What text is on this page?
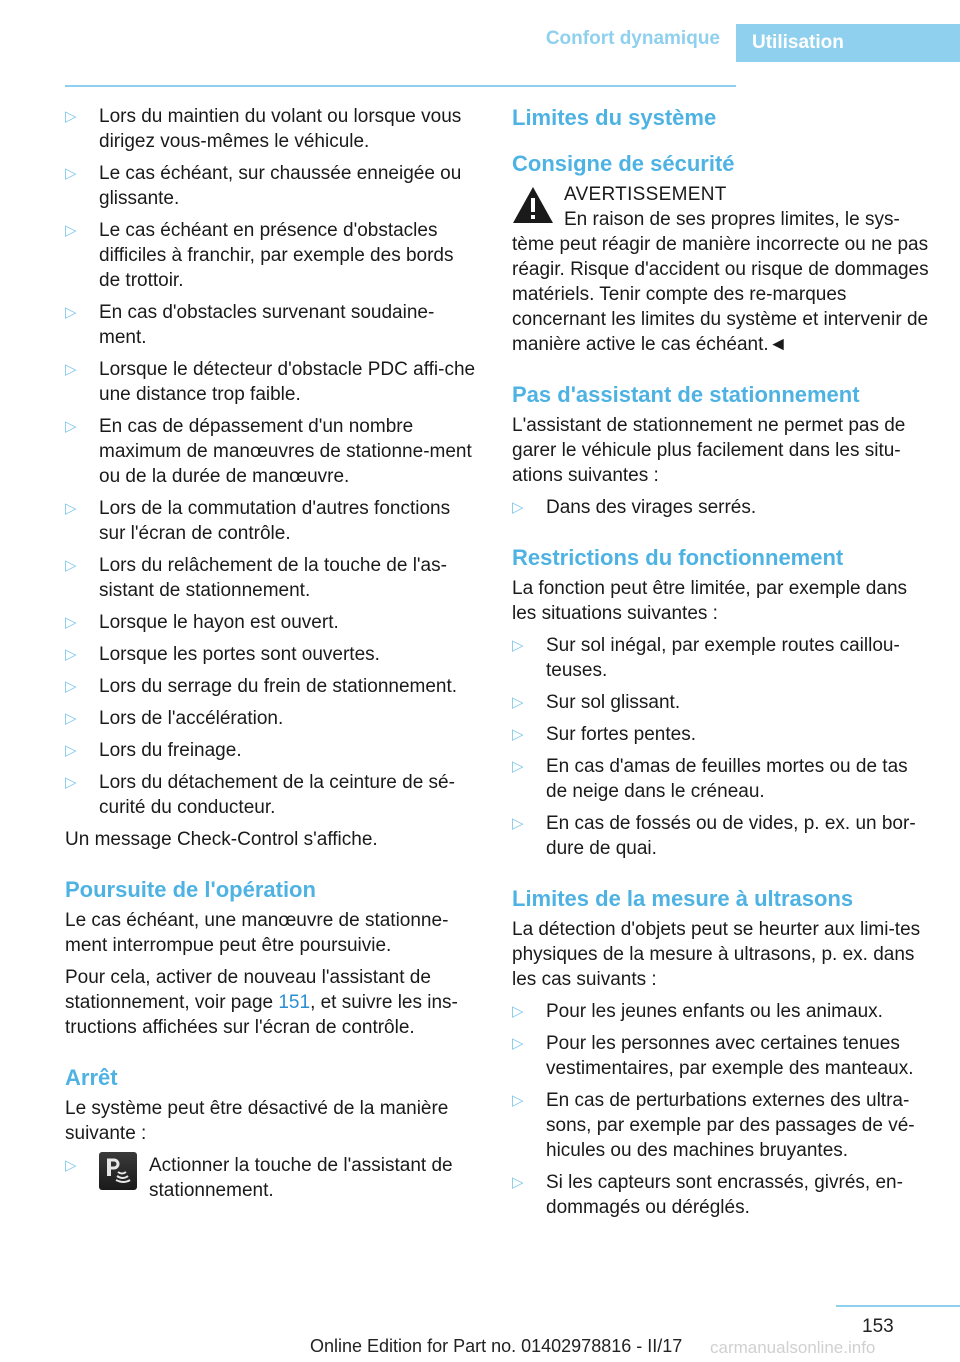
Confort dynamique	Utilisation
▷ Lors du maintien du volant ou lorsque vous dirigez vous-mêmes le véhicule.
▷ Le cas échéant, sur chaussée enneigée ou glissante.
▷ Le cas échéant en présence d'obstacles difficiles à franchir, par exemple des bords de trottoir.
▷ En cas d'obstacles survenant soudaine-ment.
▷ Lorsque le détecteur d'obstacle PDC affi-che une distance trop faible.
▷ En cas de dépassement d'un nombre maximum de manœuvres de stationne-ment ou de la durée de manœuvre.
▷ Lors de la commutation d'autres fonctions sur l'écran de contrôle.
▷ Lors du relâchement de la touche de l'as-sistant de stationnement.
▷ Lorsque le hayon est ouvert.
▷ Lorsque les portes sont ouvertes.
▷ Lors du serrage du frein de stationnement.
▷ Lors de l'accélération.
▷ Lors du freinage.
▷ Lors du détachement de la ceinture de sé-curité du conducteur.

Un message Check-Control s'affiche.

Poursuite de l'opération

Le cas échéant, une manœuvre de stationne-ment interrompue peut être poursuivie.

Pour cela, activer de nouveau l'assistant de stationnement, voir page 151, et suivre les ins-tructions affichées sur l'écran de contrôle.

Arrêt

Le système peut être désactivé de la manière suivante :

▷	Actionner la touche de l'assistant de stationnement.
Limites du système
Consigne de sécurité
AVERTISSEMENT
En raison de ses propres limites, le sys-

tème peut réagir de manière incorrecte ou ne pas réagir. Risque d'accident ou risque de dommages matériels. Tenir compte des re-marques concernant les limites du système et intervenir de manière active le cas échéant.◄

Pas d'assistant de stationnement

L'assistant de stationnement ne permet pas de garer le véhicule plus facilement dans les situ-ations suivantes :

▷ Dans des virages serrés.
Restrictions du fonctionnement

La fonction peut être limitée, par exemple dans les situations suivantes :

▷ Sur sol inégal, par exemple routes caillou-teuses.
▷ Sur sol glissant.
▷ Sur fortes pentes.
▷ En cas d'amas de feuilles mortes ou de tas de neige dans le créneau.
▷ En cas de fossés ou de vides, p. ex. un bor-dure de quai.
Limites de la mesure à ultrasons

La détection d'objets peut se heurter aux limi-tes physiques de la mesure à ultrasons, p. ex. dans les cas suivants :

▷ Pour les jeunes enfants ou les animaux.
▷ Pour les personnes avec certaines tenues vestimentaires, par exemple des manteaux.
▷ En cas de perturbations externes des ultra-sons, par exemple par des passages de vé-hicules ou des machines bruyantes.
▷ Si les capteurs sont encrassés, givrés, en-dommagés ou déréglés.
153
carmanualsonline.info
Online Edition for Part no. 01402978816 - II/17
